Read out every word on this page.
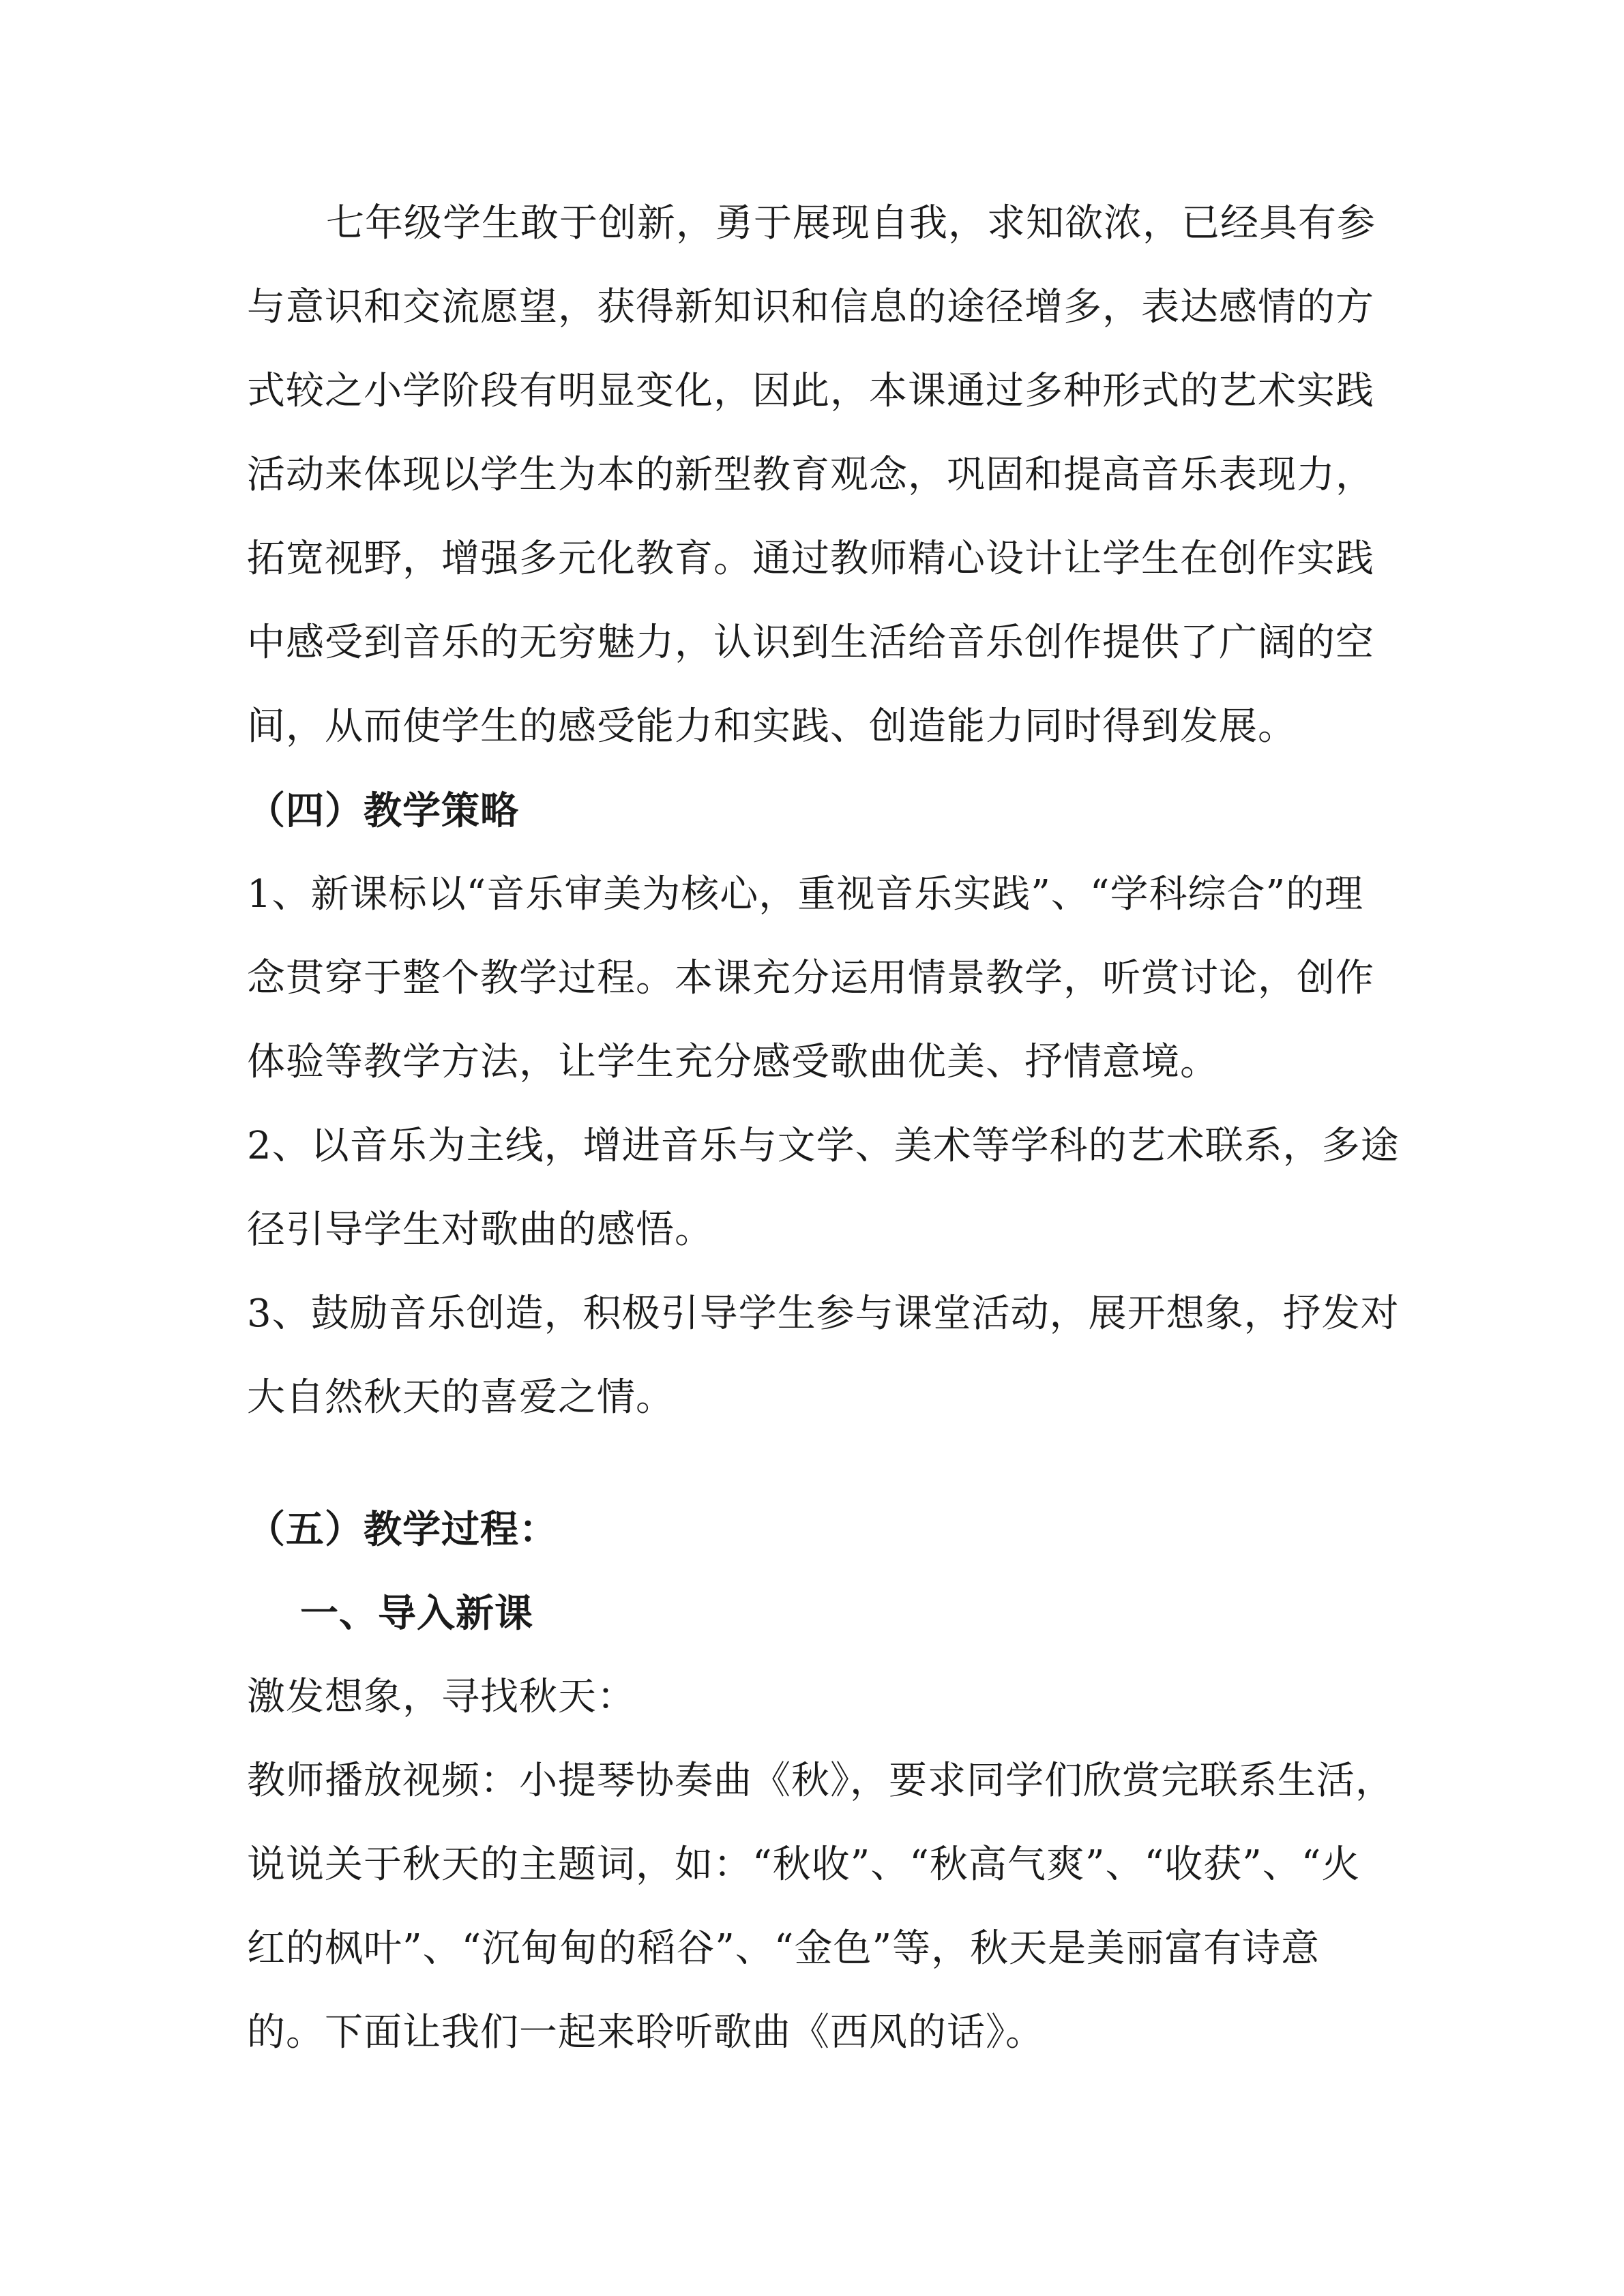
七年级学生敢于创新，勇于展现自我，求知欲浓，已经具有参
与意识和交流愿望，获得新知识和信息的途径增多，表达感情的方
式较之小学阶段有明显变化，因此，本课通过多种形式的艺术实践
活动来体现以学生为本的新型教育观念，巩固和提高音乐表现力，
拓宽视野，增强多元化教育。通过教师精心设计让学生在创作实践
中感受到音乐的无穷魅力，认识到生活给音乐创作提供了广阔的空
间，从而使学生的感受能力和实践、创造能力同时得到发展。
（四）教学策略
1、新课标以“音乐审美为核心，重视音乐实践”、“学科综合”的理
念贯穿于整个教学过程。本课充分运用情景教学，听赏讨论，创作
体验等教学方法，让学生充分感受歌曲优美、抒情意境。
2、以音乐为主线，增进音乐与文学、美术等学科的艺术联系，多途
径引导学生对歌曲的感悟。
3、鼓励音乐创造，积极引导学生参与课堂活动，展开想象，抒发对
大自然秋天的喜爱之情。
（五）教学过程：
一、导入新课
激发想象，寻找秋天：
教师播放视频：小提琴协奏曲《秋》，要求同学们欣赏完联系生活，
说说关于秋天的主题词，如：“秋收”、“秋高气爽”、“收获”、“火
红的枫叶”、“沉甸甸的稻谷”、“金色”等，秋天是美丽富有诗意
的。下面让我们一起来聆听歌曲《西风的话》。
